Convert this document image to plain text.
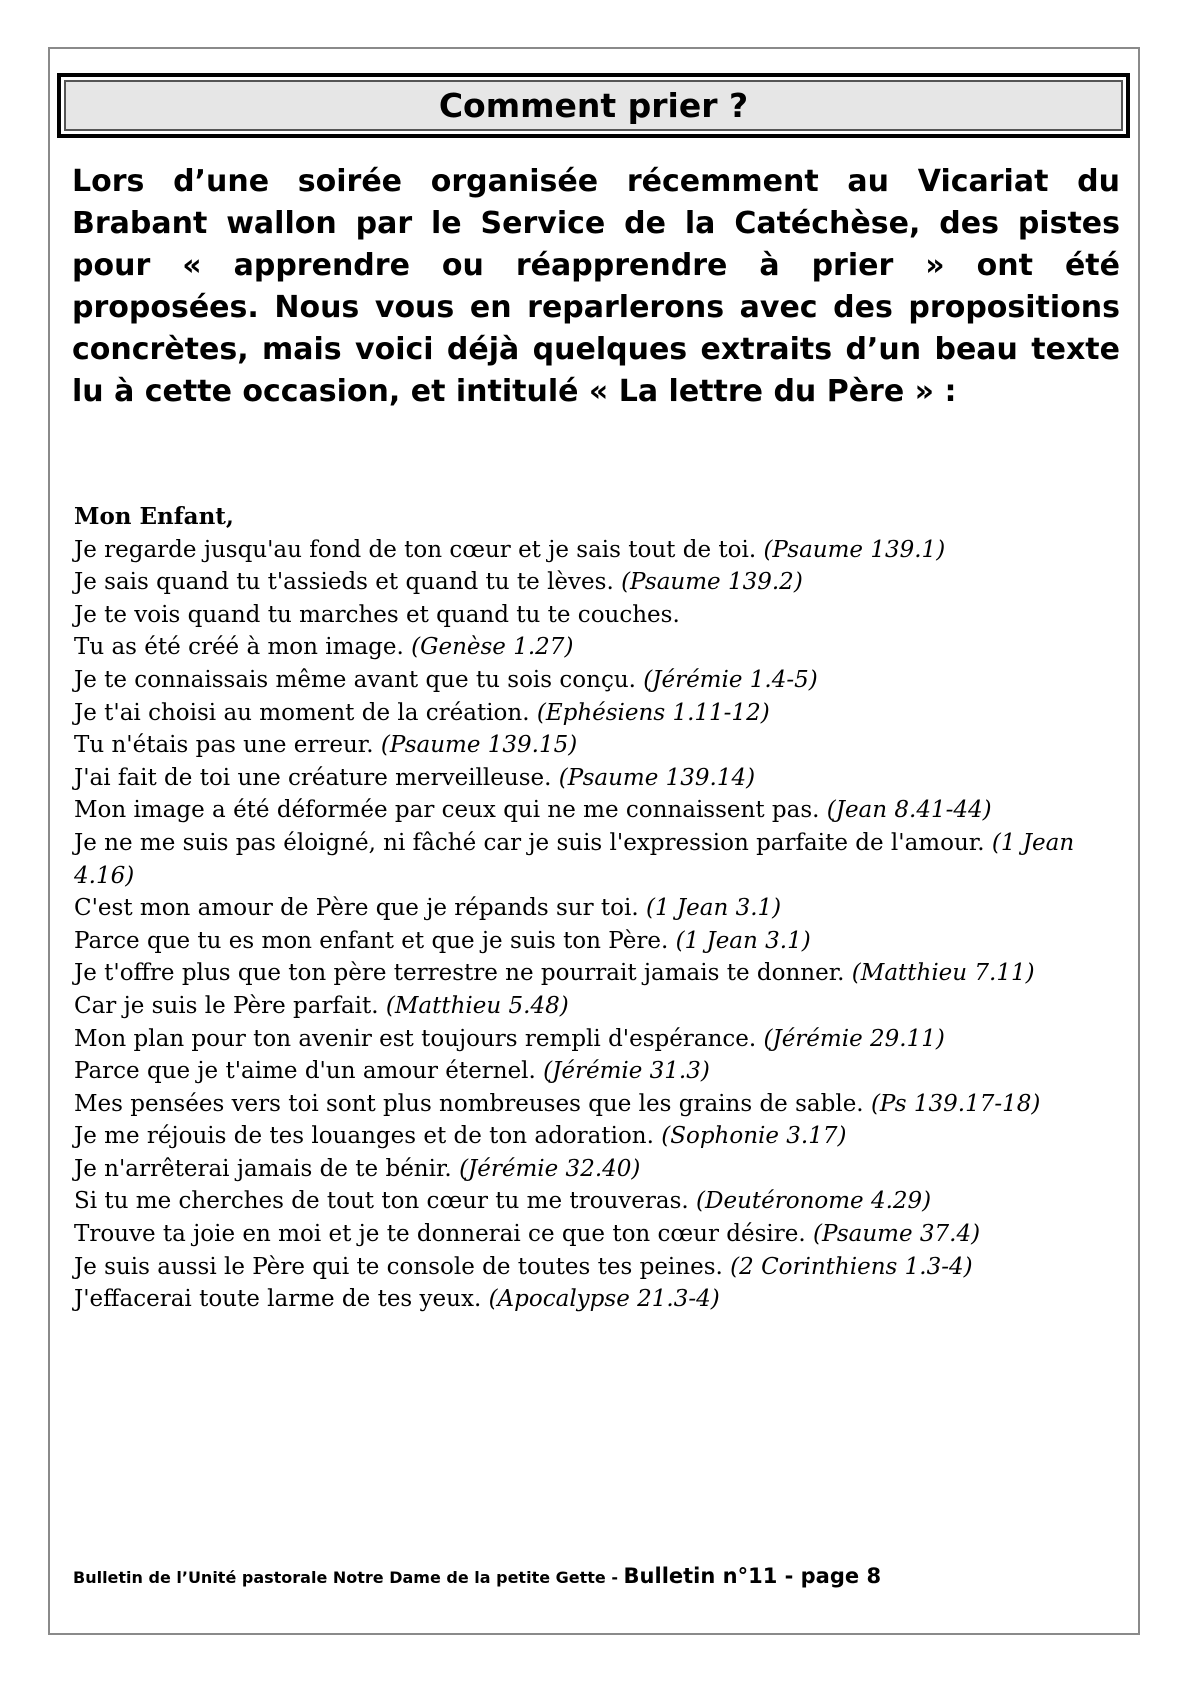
Comment prier ?

Lors d’une soirée organisée récemment au Vicariat du Brabant wallon par le Service de la Catéchèse, des pistes pour « apprendre ou réapprendre à prier » ont été proposées. Nous vous en reparlerons avec des propositions concrètes, mais voici déjà quelques extraits d’un beau texte lu à cette occasion, et intitulé « La lettre du Père » :

Mon Enfant,
Je regarde jusqu'au fond de ton cœur et je sais tout de toi. (Psaume 139.1)
Je sais quand tu t'assieds et quand tu te lèves. (Psaume 139.2)
Je te vois quand tu marches et quand tu te couches.
Tu as été créé à mon image. (Genèse 1.27)
Je te connaissais même avant que tu sois conçu. (Jérémie 1.4-5)
Je t'ai choisi au moment de la création. (Ephésiens 1.11-12)
Tu n'étais pas une erreur. (Psaume 139.15)
J'ai fait de toi une créature merveilleuse. (Psaume 139.14)
Mon image a été déformée par ceux qui ne me connaissent pas. (Jean 8.41-44)
Je ne me suis pas éloigné, ni fâché car je suis l'expression parfaite de l'amour. (1 Jean 4.16)
C'est mon amour de Père que je répands sur toi. (1 Jean 3.1)
Parce que tu es mon enfant et que je suis ton Père. (1 Jean 3.1)
Je t'offre plus que ton père terrestre ne pourrait jamais te donner. (Matthieu 7.11)
Car je suis le Père parfait. (Matthieu 5.48)
Mon plan pour ton avenir est toujours rempli d'espérance. (Jérémie 29.11)
Parce que je t'aime d'un amour éternel. (Jérémie 31.3)
Mes pensées vers toi sont plus nombreuses que les grains de sable. (Ps 139.17-18)
Je me réjouis de tes louanges et de ton adoration. (Sophonie 3.17)
Je n'arrêterai jamais de te bénir. (Jérémie 32.40)
Si tu me cherches de tout ton cœur tu me trouveras. (Deutéronome 4.29)
Trouve ta joie en moi et je te donnerai ce que ton cœur désire. (Psaume 37.4)
Je suis aussi le Père qui te console de toutes tes peines. (2 Corinthiens 1.3-4)
J'effacerai toute larme de tes yeux. (Apocalypse 21.3-4)
Bulletin de l’Unité pastorale Notre Dame de la petite Gette - Bulletin n°11 - page 8
